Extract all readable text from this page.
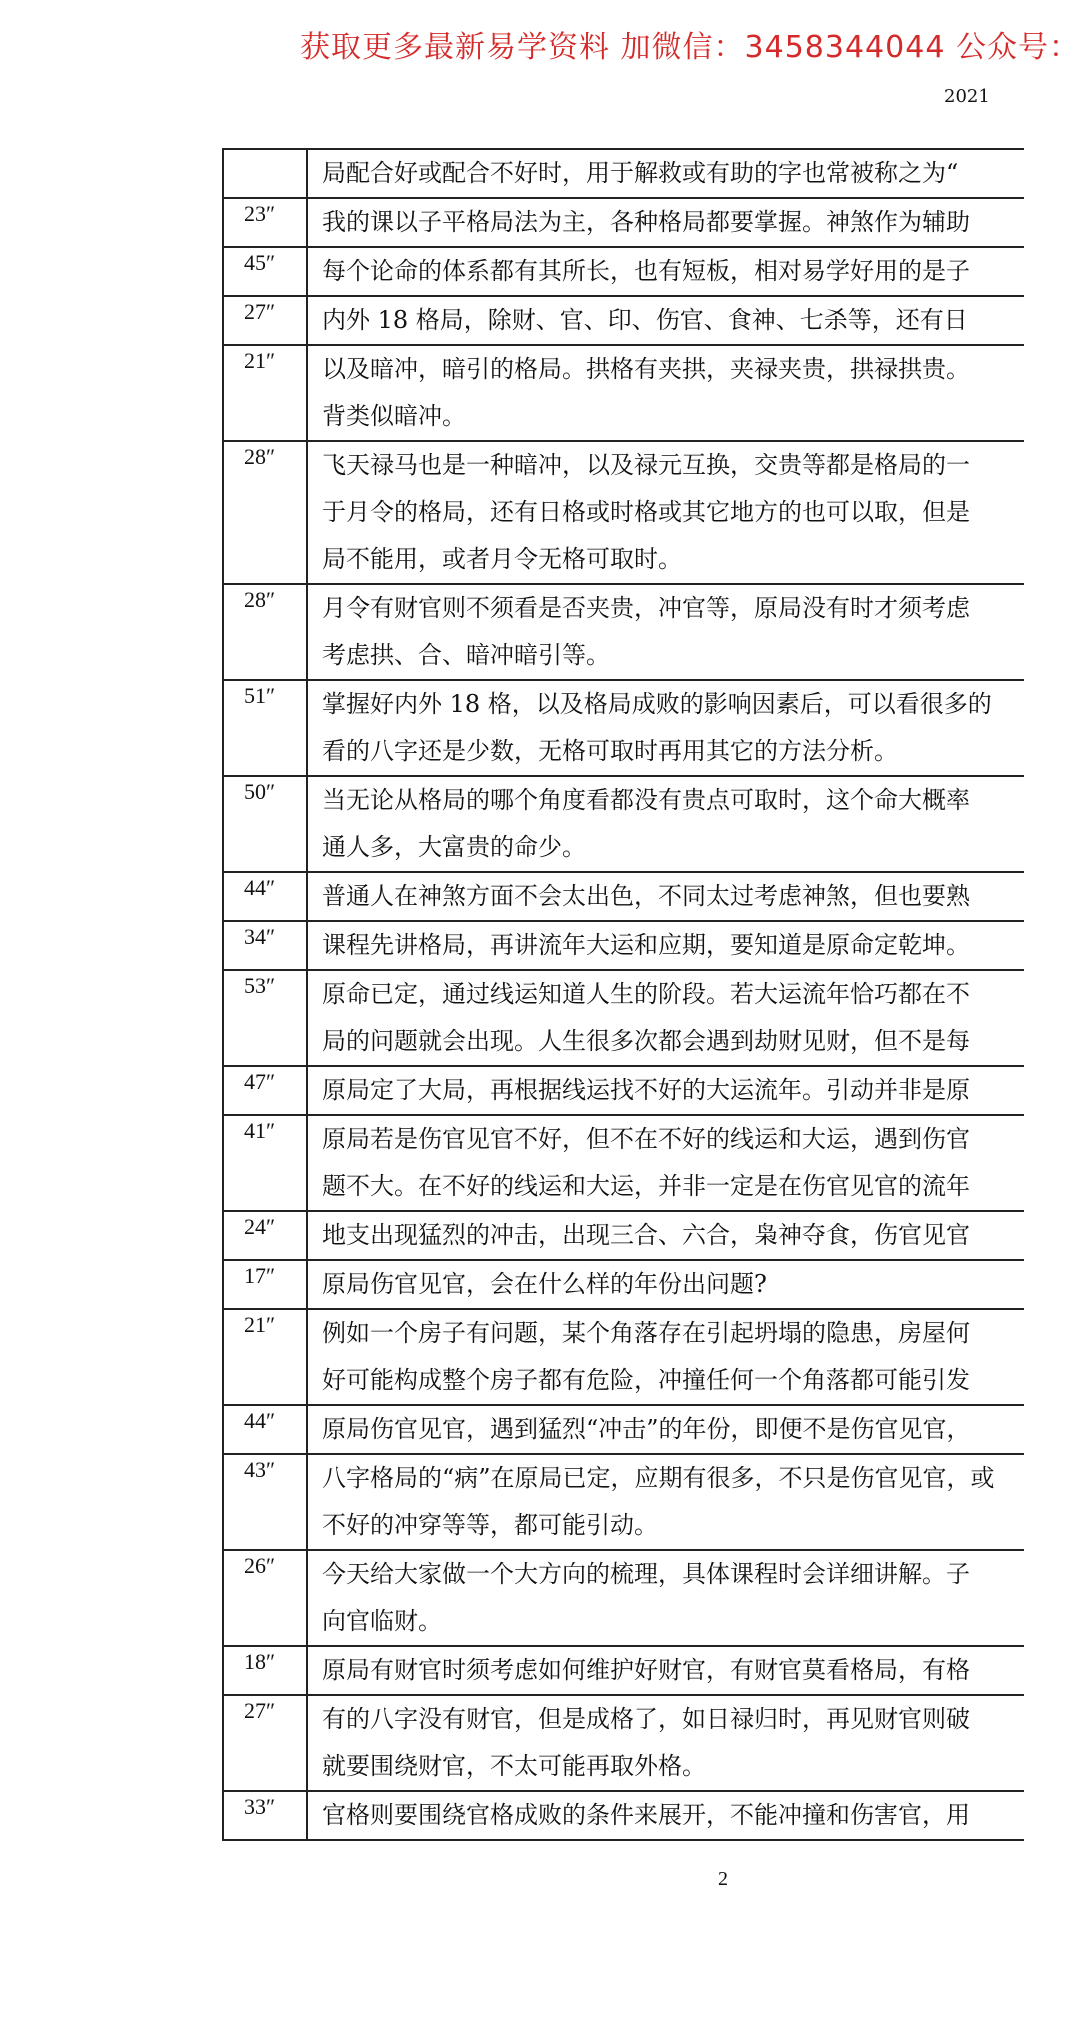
获取更多最新易学资料 加微信：3458344044 公众号：
2021
局配合好或配合不好时，用于解救或有助的字也常被称之为“
23″	我的课以子平格局法为主，各种格局都要掌握。神煞作为辅助
45″	每个论命的体系都有其所长，也有短板，相对易学好用的是子
27″	内外 18 格局，除财、官、印、伤官、食神、七杀等，还有日
21″	以及暗冲，暗引的格局。拱格有夹拱，夹禄夹贵，拱禄拱贵。
背类似暗冲。
28″	飞天禄马也是一种暗冲，以及禄元互换，交贵等都是格局的一
于月令的格局，还有日格或时格或其它地方的也可以取，但是
局不能用，或者月令无格可取时。
28″	月令有财官则不须看是否夹贵，冲官等，原局没有时才须考虑
考虑拱、合、暗冲暗引等。
51″	掌握好内外 18 格，以及格局成败的影响因素后，可以看很多的
看的八字还是少数，无格可取时再用其它的方法分析。
50″	当无论从格局的哪个角度看都没有贵点可取时，这个命大概率
通人多，大富贵的命少。
44″	普通人在神煞方面不会太出色，不同太过考虑神煞，但也要熟
34″	课程先讲格局，再讲流年大运和应期，要知道是原命定乾坤。
53″	原命已定，通过线运知道人生的阶段。若大运流年恰巧都在不
局的问题就会出现。人生很多次都会遇到劫财见财，但不是每
47″	原局定了大局，再根据线运找不好的大运流年。引动并非是原
41″	原局若是伤官见官不好，但不在不好的线运和大运，遇到伤官
题不大。在不好的线运和大运，并非一定是在伤官见官的流年
24″	地支出现猛烈的冲击，出现三合、六合，枭神夺食，伤官见官
17″	原局伤官见官，会在什么样的年份出问题?
21″	例如一个房子有问题，某个角落存在引起坍塌的隐患，房屋何
好可能构成整个房子都有危险，冲撞任何一个角落都可能引发
44″	原局伤官见官，遇到猛烈“冲击”的年份，即便不是伤官见官，
43″	八字格局的“病”在原局已定，应期有很多，不只是伤官见官，或
不好的冲穿等等，都可能引动。
26″	今天给大家做一个大方向的梳理，具体课程时会详细讲解。子
向官临财。
18″	原局有财官时须考虑如何维护好财官，有财官莫看格局，有格
27″	有的八字没有财官，但是成格了，如日禄归时，再见财官则破
就要围绕财官，不太可能再取外格。
33″	官格则要围绕官格成败的条件来展开，不能冲撞和伤害官，用
2
